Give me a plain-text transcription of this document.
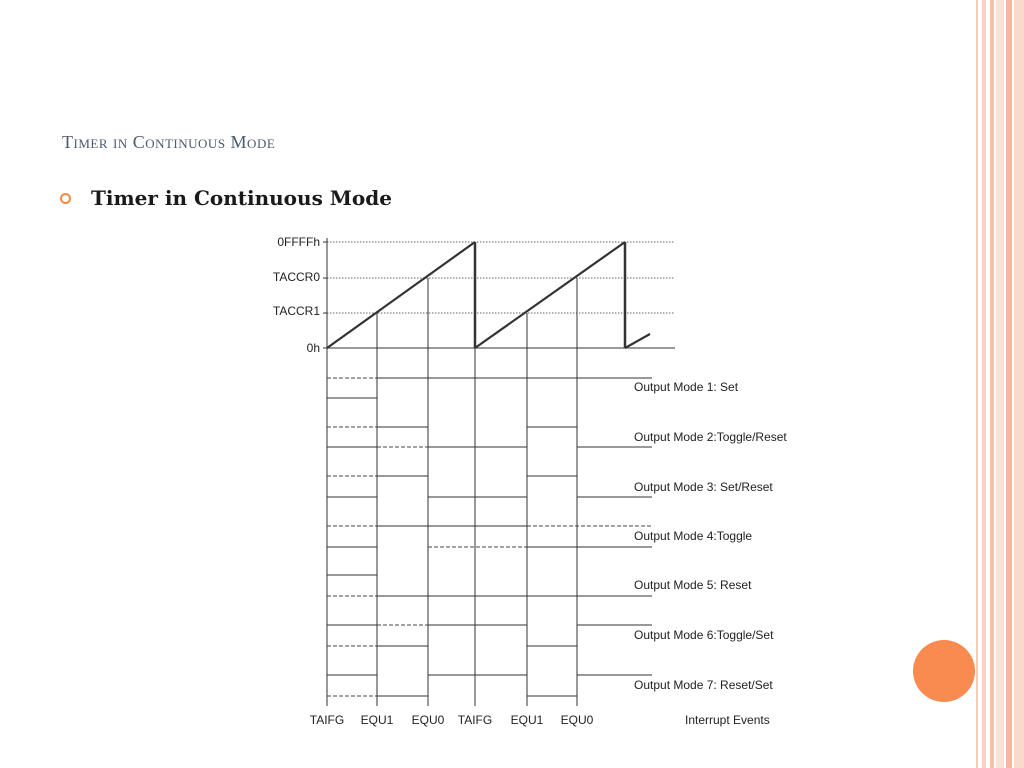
Timer in Continuous Mode
Timer in Continuous Mode
0FFFFh
TACCR0
TACCR1
0h
Output Mode 1: Set
Output Mode 2:Toggle/Reset
Output Mode 3: Set/Reset
Output Mode 4:Toggle
Output Mode 5: Reset
Output Mode 6:Toggle/Set
Output Mode 7: Reset/Set
TAIFG EQU1 EQU0 TAIFG EQU1 EQU0	Interrupt Events
